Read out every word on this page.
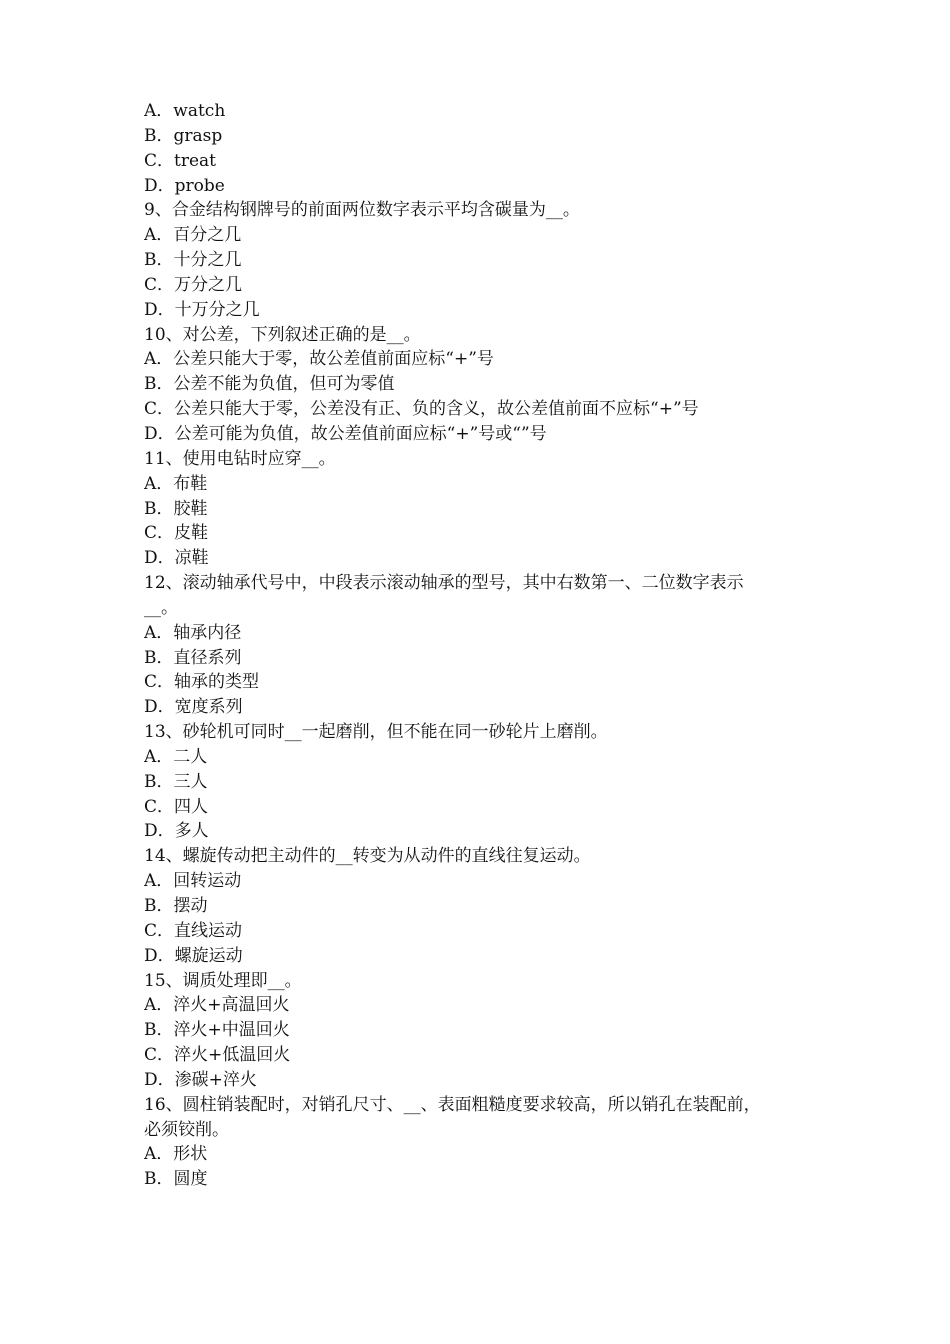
A．watch

B．grasp

C．treat

D．probe

9、合金结构钢牌号的前面两位数字表示平均含碳量为__。

A．百分之几

B．十分之几

C．万分之几

D．十万分之几

10、对公差，下列叙述正确的是__。

A．公差只能大于零，故公差值前面应标“+”号

B．公差不能为负值，但可为零值

C．公差只能大于零，公差没有正、负的含义，故公差值前面不应标“+”号

D．公差可能为负值，故公差值前面应标“+”号或“”号

11、使用电钻时应穿__。

A．布鞋

B．胶鞋

C．皮鞋

D．凉鞋

12、滚动轴承代号中，中段表示滚动轴承的型号，其中右数第一、二位数字表示

__。

A．轴承内径

B．直径系列

C．轴承的类型

D．宽度系列

13、砂轮机可同时__一起磨削，但不能在同一砂轮片上磨削。

A．二人

B．三人

C．四人

D．多人

14、螺旋传动把主动件的__转变为从动件的直线往复运动。

A．回转运动

B．摆动

C．直线运动

D．螺旋运动

15、调质处理即__。

A．淬火+高温回火

B．淬火+中温回火

C．淬火+低温回火

D．渗碳+淬火

16、圆柱销装配时，对销孔尺寸、__、表面粗糙度要求较高，所以销孔在装配前，

必须铰削。

A．形状

B．圆度
